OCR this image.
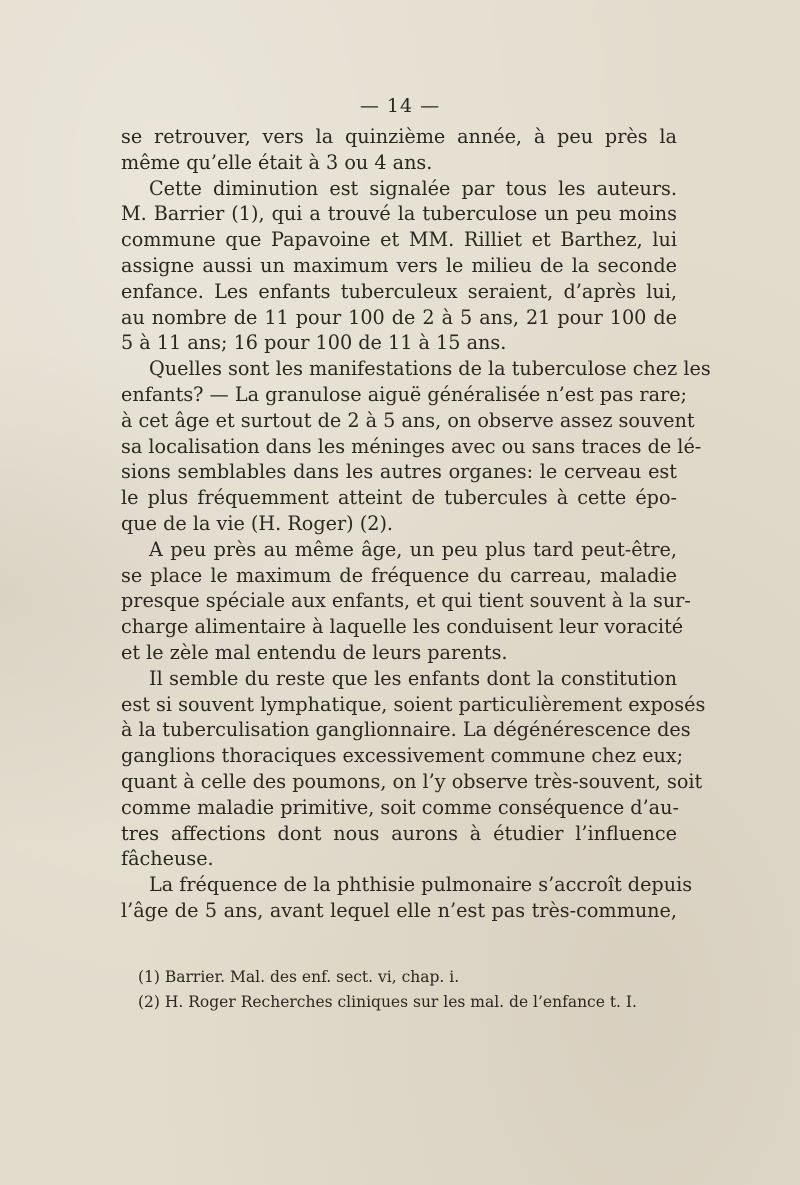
— 14 —
se retrouver, vers la quinzième année, à peu près la
même qu’elle était à 3 ou 4 ans.
Cette diminution est signalée par tous les auteurs.
M. Barrier (1), qui a trouvé la tuberculose un peu moins
commune que Papavoine et MM. Rilliet et Barthez, lui
assigne aussi un maximum vers le milieu de la seconde
enfance. Les enfants tuberculeux seraient, d’après lui,
au nombre de 11 pour 100 de 2 à 5 ans, 21 pour 100 de
5 à 11 ans; 16 pour 100 de 11 à 15 ans.
Quelles sont les manifestations de la tuberculose chez les
enfants? — La granulose aiguë généralisée n’est pas rare;
à cet âge et surtout de 2 à 5 ans, on observe assez souvent
sa localisation dans les méninges avec ou sans traces de lé-
sions semblables dans les autres organes: le cerveau est
le plus fréquemment atteint de tubercules à cette épo-
que de la vie (H. Roger) (2).
A peu près au même âge, un peu plus tard peut-être,
se place le maximum de fréquence du carreau, maladie
presque spéciale aux enfants, et qui tient souvent à la sur-
charge alimentaire à laquelle les conduisent leur voracité
et le zèle mal entendu de leurs parents.
Il semble du reste que les enfants dont la constitution
est si souvent lymphatique, soient particulièrement exposés
à la tuberculisation ganglionnaire. La dégénérescence des
ganglions thoraciques excessivement commune chez eux;
quant à celle des poumons, on l’y observe très-souvent, soit
comme maladie primitive, soit comme conséquence d’au-
tres affections dont nous aurons à étudier l’influence
fâcheuse.
La fréquence de la phthisie pulmonaire s’accroît depuis
l’âge de 5 ans, avant lequel elle n’est pas très-commune,
(1) Barrier. Mal. des enf. sect. vi, chap. i.
(2) H. Roger Recherches cliniques sur les mal. de l’enfance t. I.
